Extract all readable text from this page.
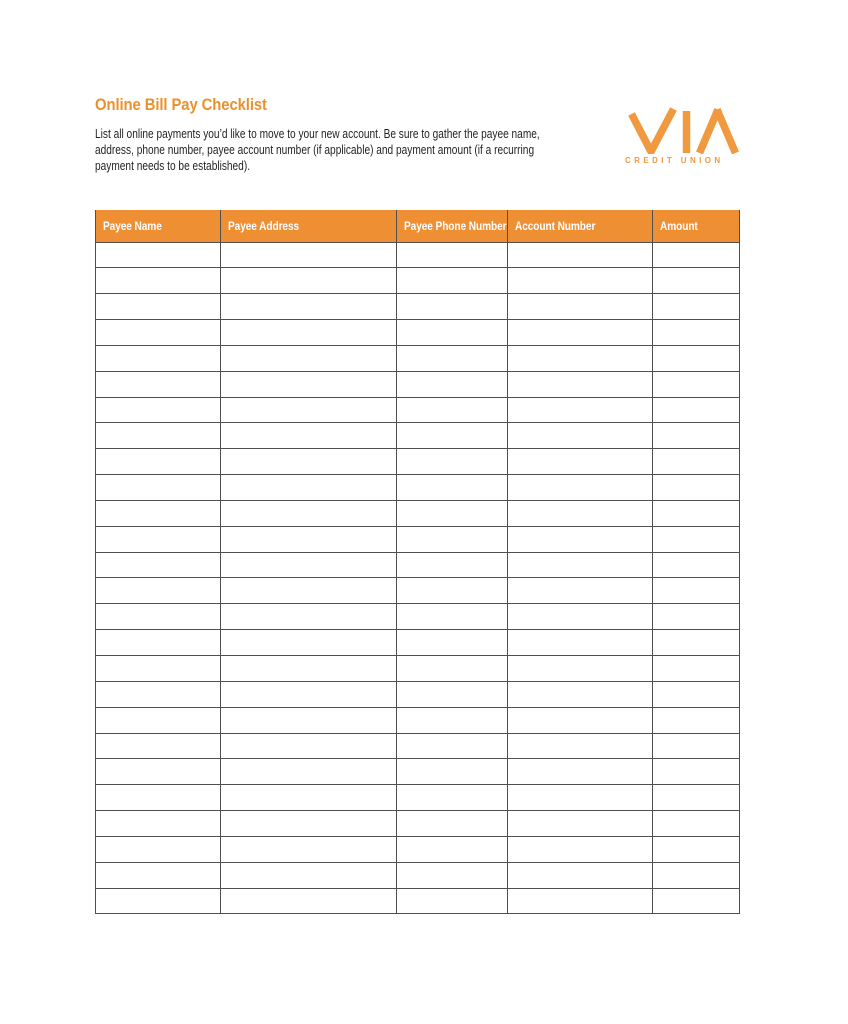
Online Bill Pay Checklist
List all online payments you’d like to move to your new account. Be sure to gather the payee name,
address, phone number, payee account number (if applicable) and payment amount (if a recurring
payment needs to be established).	CREDIT UNION
Payee Name	Payee Address	Payee Phone Number	Account Number	Amount
